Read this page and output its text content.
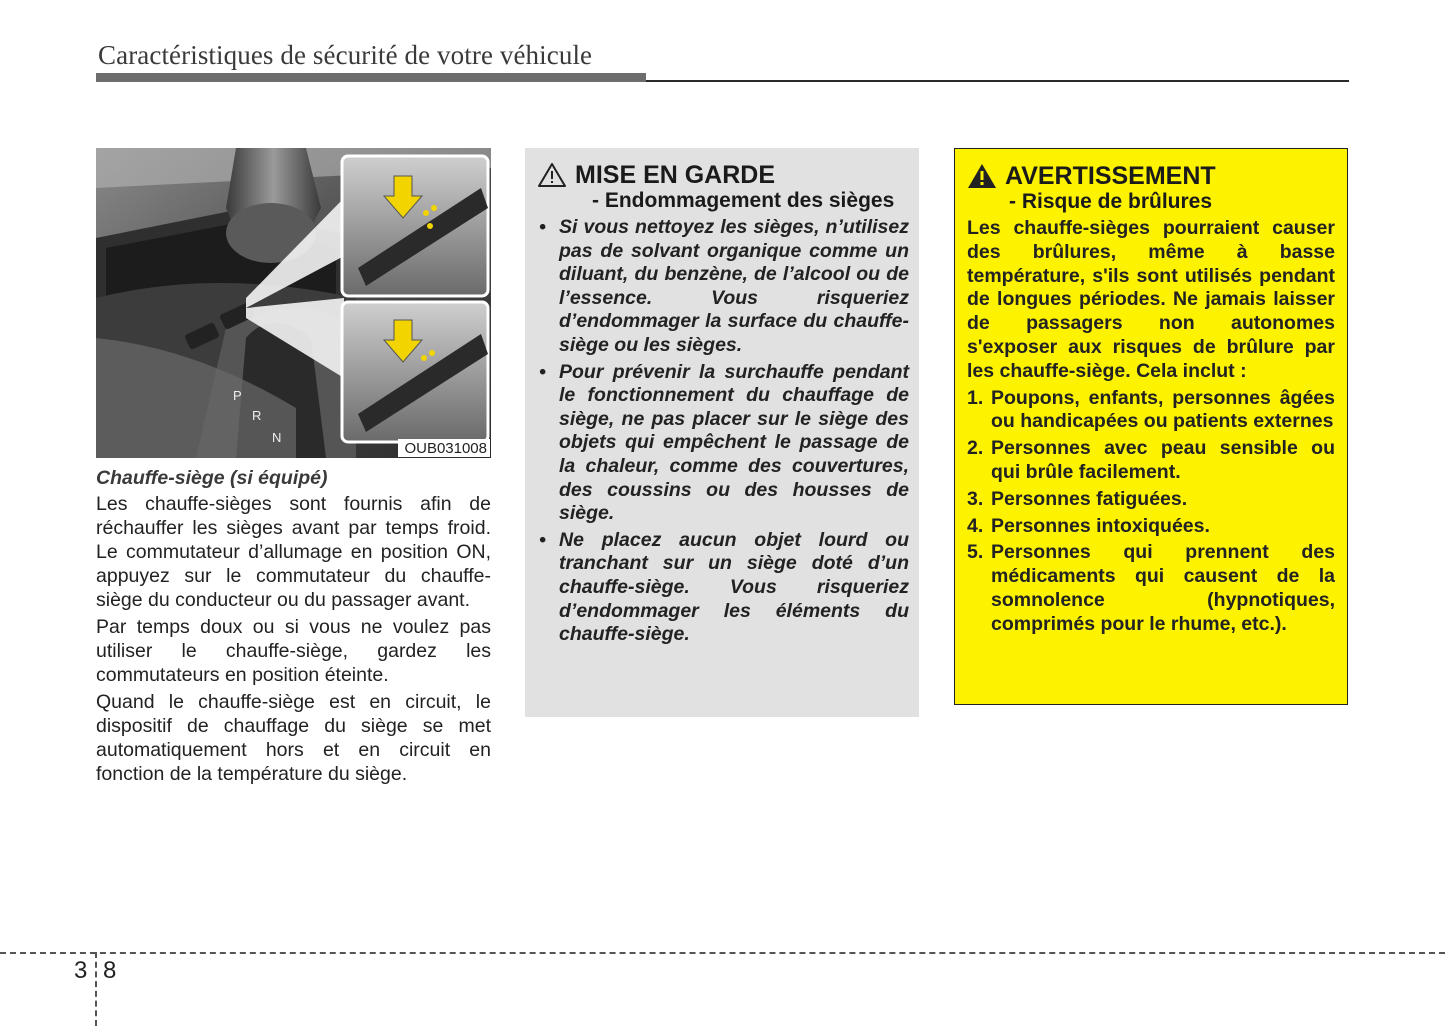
Caractéristiques de sécurité de votre véhicule
P
R
N
OUB031008
Chauffe-siège (si équipé)

Les chauffe-sièges sont fournis afin de réchauffer les sièges avant par temps froid. Le commutateur d’allumage en position ON, appuyez sur le commutateur du chauffe-siège du conducteur ou du passager avant.

Par temps doux ou si vous ne voulez pas utiliser le chauffe-siège, gardez les commutateurs en position éteinte.

Quand le chauffe-siège est en circuit, le dispositif de chauffage du siège se met automatiquement hors et en circuit en fonction de la température du siège.

MISE EN GARDE
- Endommagement des sièges
• Si vous nettoyez les sièges, n’utilisez pas de solvant organique comme un diluant, du benzène, de l’alcool ou de l’essence. Vous risqueriez d’endommager la surface du chauffe-siège ou les sièges.
• Pour prévenir la surchauffe pendant le fonctionnement du chauffage de siège, ne pas placer sur le siège des objets qui empêchent le passage de la chaleur, comme des couvertures, des coussins ou des housses de siège.
• Ne placez aucun objet lourd ou tranchant sur un siège doté d’un chauffe-siège. Vous risqueriez d’endommager les éléments du chauffe-siège.
AVERTISSEMENT
- Risque de brûlures
Les chauffe-sièges pourraient causer des brûlures, même à basse température, s'ils sont utilisés pendant de longues périodes. Ne jamais laisser de passagers non autonomes s'exposer aux risques de brûlure par les chauffe-siège. Cela inclut :
1. Poupons, enfants, personnes âgées ou handicapées ou patients externes
2. Personnes avec peau sensible ou qui brûle facilement.
3. Personnes fatiguées.
4. Personnes intoxiquées.
5. Personnes qui prennent des médicaments qui causent de la somnolence (hypnotiques, comprimés pour le rhume, etc.).
3 8
